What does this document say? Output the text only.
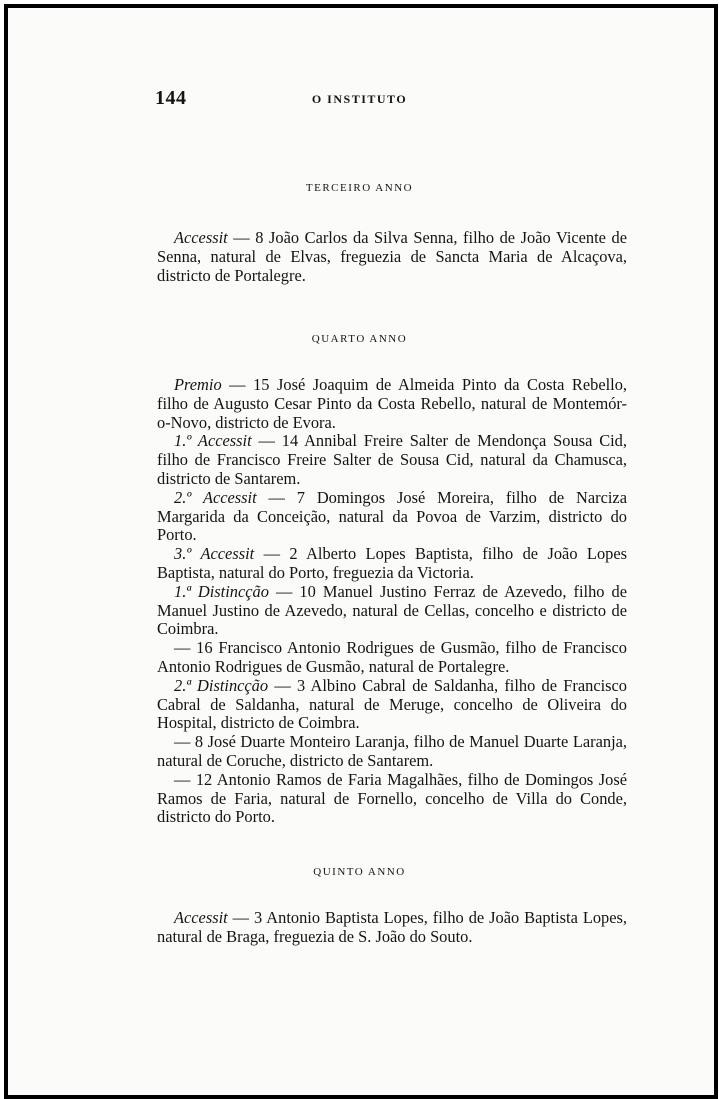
144	O INSTITUTO
TERCEIRO ANNO

Accessit — 8 João Carlos da Silva Senna, filho de João Vicente de Senna, natural de Elvas, freguezia de Sancta Maria de Alcaçova, districto de Portalegre.

QUARTO ANNO

Premio — 15 José Joaquim de Almeida Pinto da Costa Rebello, filho de Augusto Cesar Pinto da Costa Rebello, natural de Montemór-o-Novo, districto de Evora.

1.º Accessit — 14 Annibal Freire Salter de Mendonça Sousa Cid, filho de Francisco Freire Salter de Sousa Cid, natural da Chamusca, districto de Santarem.

2.º Accessit — 7 Domingos José Moreira, filho de Narciza Margarida da Conceição, natural da Povoa de Varzim, districto do Porto.

3.º Accessit — 2 Alberto Lopes Baptista, filho de João Lopes Baptista, natural do Porto, freguezia da Victoria.

1.ª Distincção — 10 Manuel Justino Ferraz de Azevedo, filho de Manuel Justino de Azevedo, natural de Cellas, concelho e districto de Coimbra.

— 16 Francisco Antonio Rodrigues de Gusmão, filho de Francisco Antonio Rodrigues de Gusmão, natural de Portalegre.

2.ª Distincção — 3 Albino Cabral de Saldanha, filho de Francisco Cabral de Saldanha, natural de Meruge, concelho de Oliveira do Hospital, districto de Coimbra.

— 8 José Duarte Monteiro Laranja, filho de Manuel Duarte Laranja, natural de Coruche, districto de Santarem.

— 12 Antonio Ramos de Faria Magalhães, filho de Domingos José Ramos de Faria, natural de Fornello, concelho de Villa do Conde, districto do Porto.

QUINTO ANNO

Accessit — 3 Antonio Baptista Lopes, filho de João Baptista Lopes, natural de Braga, freguezia de S. João do Souto.
